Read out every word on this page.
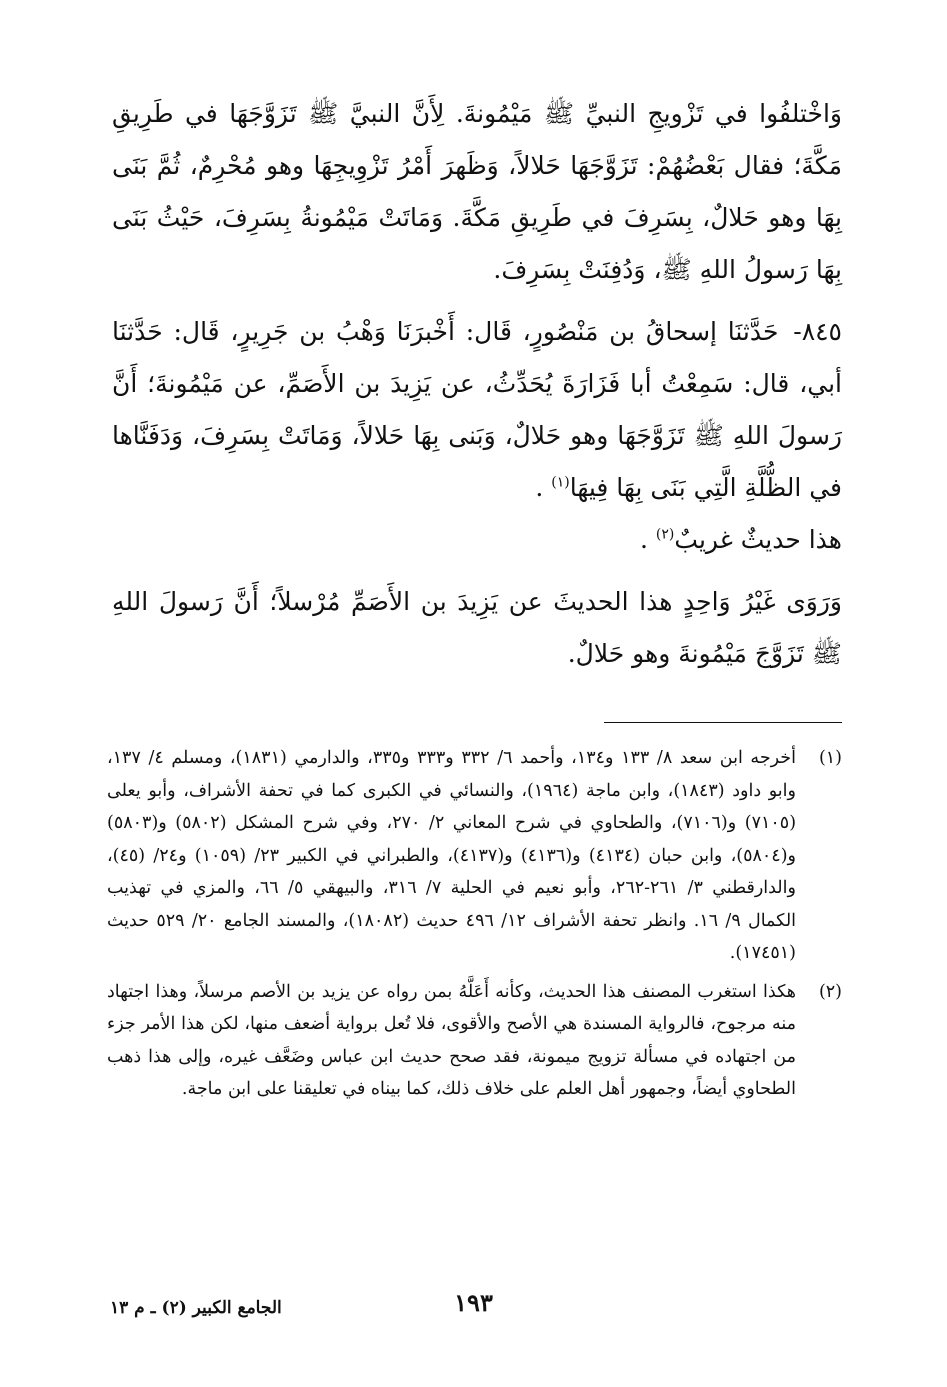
وَاخْتلفُوا في تَزْويجِ النبيِّ ﷺ مَيْمُونةَ. لِأَنَّ النبيَّ ﷺ تَزَوَّجَهَا في طَرِيقِ مَكَّةَ؛ فقال بَعْضُهُمْ: تَزَوَّجَهَا حَلالاً، وَظَهرَ أَمْرُ تَزْوِيجِهَا وهو مُحْرِمٌ، ثُمَّ بَنَى بِهَا وهو حَلالٌ، بِسَرِفَ في طَرِيقِ مَكَّةَ. وَمَاتَتْ مَيْمُونةُ بِسَرِفَ، حَيْثُ بَنَى بِهَا رَسولُ اللهِ ﷺ، وَدُفِنَتْ بِسَرِفَ.

٨٤٥- حَدَّثنَا إسحاقُ بن مَنْصُورٍ، قَال: أَخْبرَنَا وَهْبُ بن جَرِيرٍ، قَال: حَدَّثنَا أبي، قال: سَمِعْتُ أبا فَزَارَةَ يُحَدِّثُ، عن يَزِيدَ بن الأَصَمِّ، عن مَيْمُونةَ؛ أَنَّ رَسولَ اللهِ ﷺ تَزَوَّجَهَا وهو حَلالٌ، وَبَنى بِهَا حَلالاً، وَمَاتَتْ بِسَرِفَ، وَدَفَنَّاها في الظُّلَّةِ الَّتِي بَنَى بِهَا فِيهَا$^{(١)}$ .

هذا حديثٌ غريبٌ$^{(٢)}$ .

وَرَوَى غَيْرُ وَاحِدٍ هذا الحديثَ عن يَزِيدَ بن الأَصَمِّ مُرْسلاً؛ أَنَّ رَسولَ اللهِ ﷺ تَزَوَّجَ مَيْمُونةَ وهو حَلالٌ.

(١)
أخرجه ابن سعد ٨/ ١٣٣ و١٣٤، وأحمد ٦/ ٣٣٢ و٣٣٣ و٣٣٥، والدارمي (١٨٣١)، ومسلم ٤/ ١٣٧، وابو داود (١٨٤٣)، وابن ماجة (١٩٦٤)، والنسائي في الكبرى كما في تحفة الأشراف، وأبو يعلى (٧١٠٥) و(٧١٠٦)، والطحاوي في شرح المعاني ٢/ ٢٧٠، وفي شرح المشكل (٥٨٠٢) و(٥٨٠٣) و(٥٨٠٤)، وابن حبان (٤١٣٤) و(٤١٣٦) و(٤١٣٧)، والطبراني في الكبير ٢٣/ (١٠٥٩) و٢٤/ (٤٥)، والدارقطني ٣/ ٢٦١-٢٦٢، وأبو نعيم في الحلية ٧/ ٣١٦، والبيهقي ٥/ ٦٦، والمزي في تهذيب الكمال ٩/ ١٦. وانظر تحفة الأشراف ١٢/ ٤٩٦ حديث (١٨٠٨٢)، والمسند الجامع ٢٠/ ٥٢٩ حديث (١٧٤٥١).

(٢)
هكذا استغرب المصنف هذا الحديث، وكأنه أَعَلَّهُ بمن رواه عن يزيد بن الأصم مرسلاً، وهذا اجتهاد منه مرجوح، فالرواية المسندة هي الأصح والأقوى، فلا تُعل برواية أضعف منها، لكن هذا الأمر جزء من اجتهاده في مسألة تزويج ميمونة، فقد صحح حديث ابن عباس وضَعَّف غيره، وإلى هذا ذهب الطحاوي أيضاً، وجمهور أهل العلم على خلاف ذلك، كما بيناه في تعليقنا على ابن ماجة.

١٩٣
الجامع الكبير (٢) ـ م ١٣
